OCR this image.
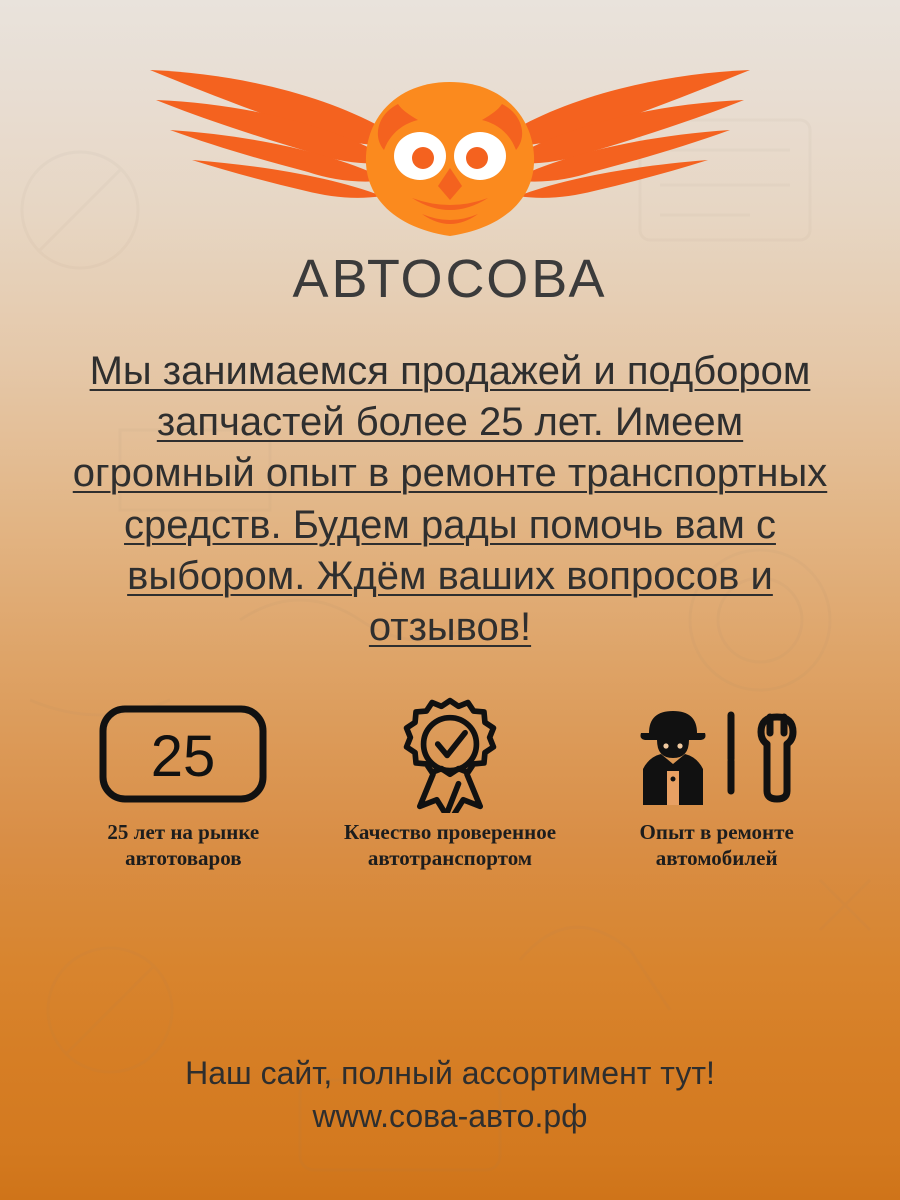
АВТОСОВА
Мы занимаемся продажей и подбором запчастей более 25 лет. Имеем огромный опыт в ремонте транспортных средств. Будем рады помочь вам с выбором. Ждём ваших вопросов и отзывов!
25
25 лет на рынке автотоваров
Качество проверенное автотранспортом
Опыт в ремонте автомобилей
Наш сайт, полный ассортимент тут!
www.сова-авто.рф
